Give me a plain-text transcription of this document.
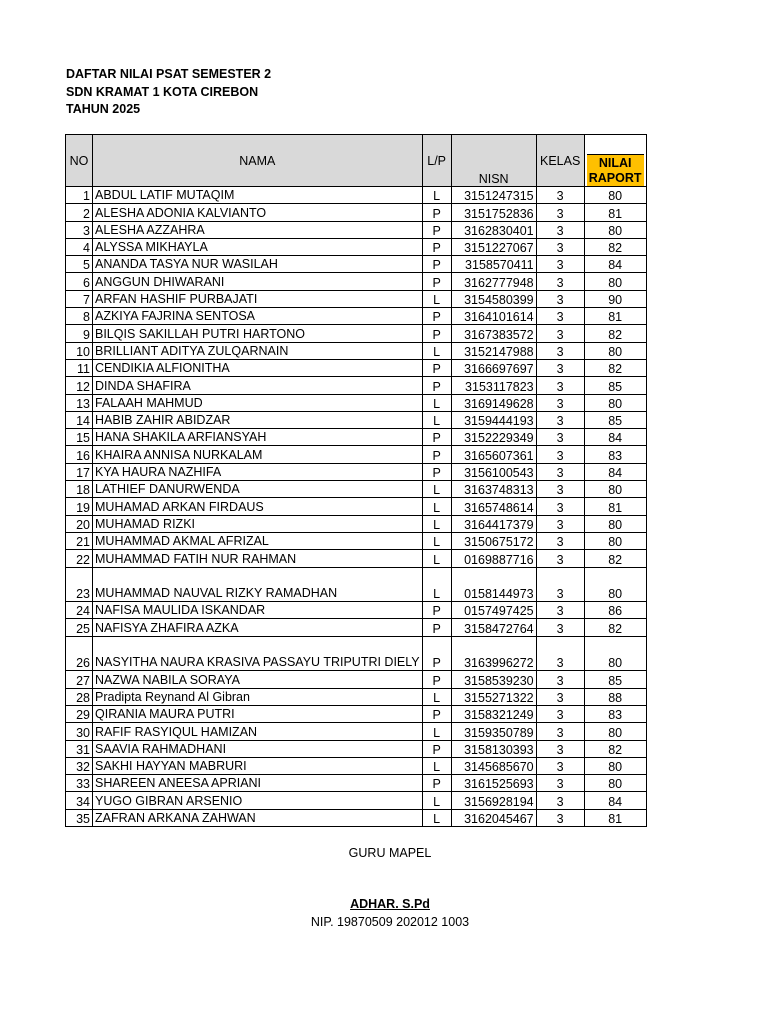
DAFTAR NILAI PSAT SEMESTER 2
SDN KRAMAT 1 KOTA CIREBON
TAHUN 2025
NO	NAMA	L/P	NISN	KELAS	NILAI
RAPORT

1	ABDUL LATIF MUTAQIM	L	3151247315	3	80
2	ALESHA ADONIA KALVIANTO	P	3151752836	3	81
3	ALESHA AZZAHRA	P	3162830401	3	80
4	ALYSSA MIKHAYLA	P	3151227067	3	82
5	ANANDA TASYA NUR WASILAH	P	3158570411	3	84
6	ANGGUN DHIWARANI	P	3162777948	3	80
7	ARFAN HASHIF PURBAJATI	L	3154580399	3	90
8	AZKIYA FAJRINA SENTOSA	P	3164101614	3	81
9	BILQIS SAKILLAH PUTRI HARTONO	P	3167383572	3	82
10	BRILLIANT ADITYA ZULQARNAIN	L	3152147988	3	80
11	CENDIKIA ALFIONITHA	P	3166697697	3	82
12	DINDA SHAFIRA	P	3153117823	3	85
13	FALAAH MAHMUD	L	3169149628	3	80
14	HABIB ZAHIR ABIDZAR	L	3159444193	3	85
15	HANA SHAKILA ARFIANSYAH	P	3152229349	3	84
16	KHAIRA ANNISA NURKALAM	P	3165607361	3	83
17	KYA HAURA NAZHIFA	P	3156100543	3	84
18	LATHIEF DANURWENDA	L	3163748313	3	80
19	MUHAMAD ARKAN FIRDAUS	L	3165748614	3	81
20	MUHAMAD RIZKI	L	3164417379	3	80
21	MUHAMMAD AKMAL AFRIZAL	L	3150675172	3	80
22	MUHAMMAD FATIH NUR RAHMAN	L	0169887716	3	82
23	MUHAMMAD NAUVAL RIZKY RAMADHAN	L	0158144973	3	80
24	NAFISA MAULIDA ISKANDAR	P	0157497425	3	86
25	NAFISYA ZHAFIRA AZKA	P	3158472764	3	82
26	NASYITHA NAURA KRASIVA PASSAYU TRIPUTRI DIELY	P	3163996272	3	80
27	NAZWA NABILA SORAYA	P	3158539230	3	85
28	Pradipta Reynand Al Gibran	L	3155271322	3	88
29	QIRANIA MAURA PUTRI	P	3158321249	3	83
30	RAFIF RASYIQUL HAMIZAN	L	3159350789	3	80
31	SAAVIA RAHMADHANI	P	3158130393	3	82
32	SAKHI HAYYAN MABRURI	L	3145685670	3	80
33	SHAREEN ANEESA APRIANI	P	3161525693	3	80
34	YUGO GIBRAN ARSENIO	L	3156928194	3	84
35	ZAFRAN ARKANA ZAHWAN	L	3162045467	3	81
GURU MAPEL
ADHAR. S.Pd
NIP. 19870509 202012 1003
